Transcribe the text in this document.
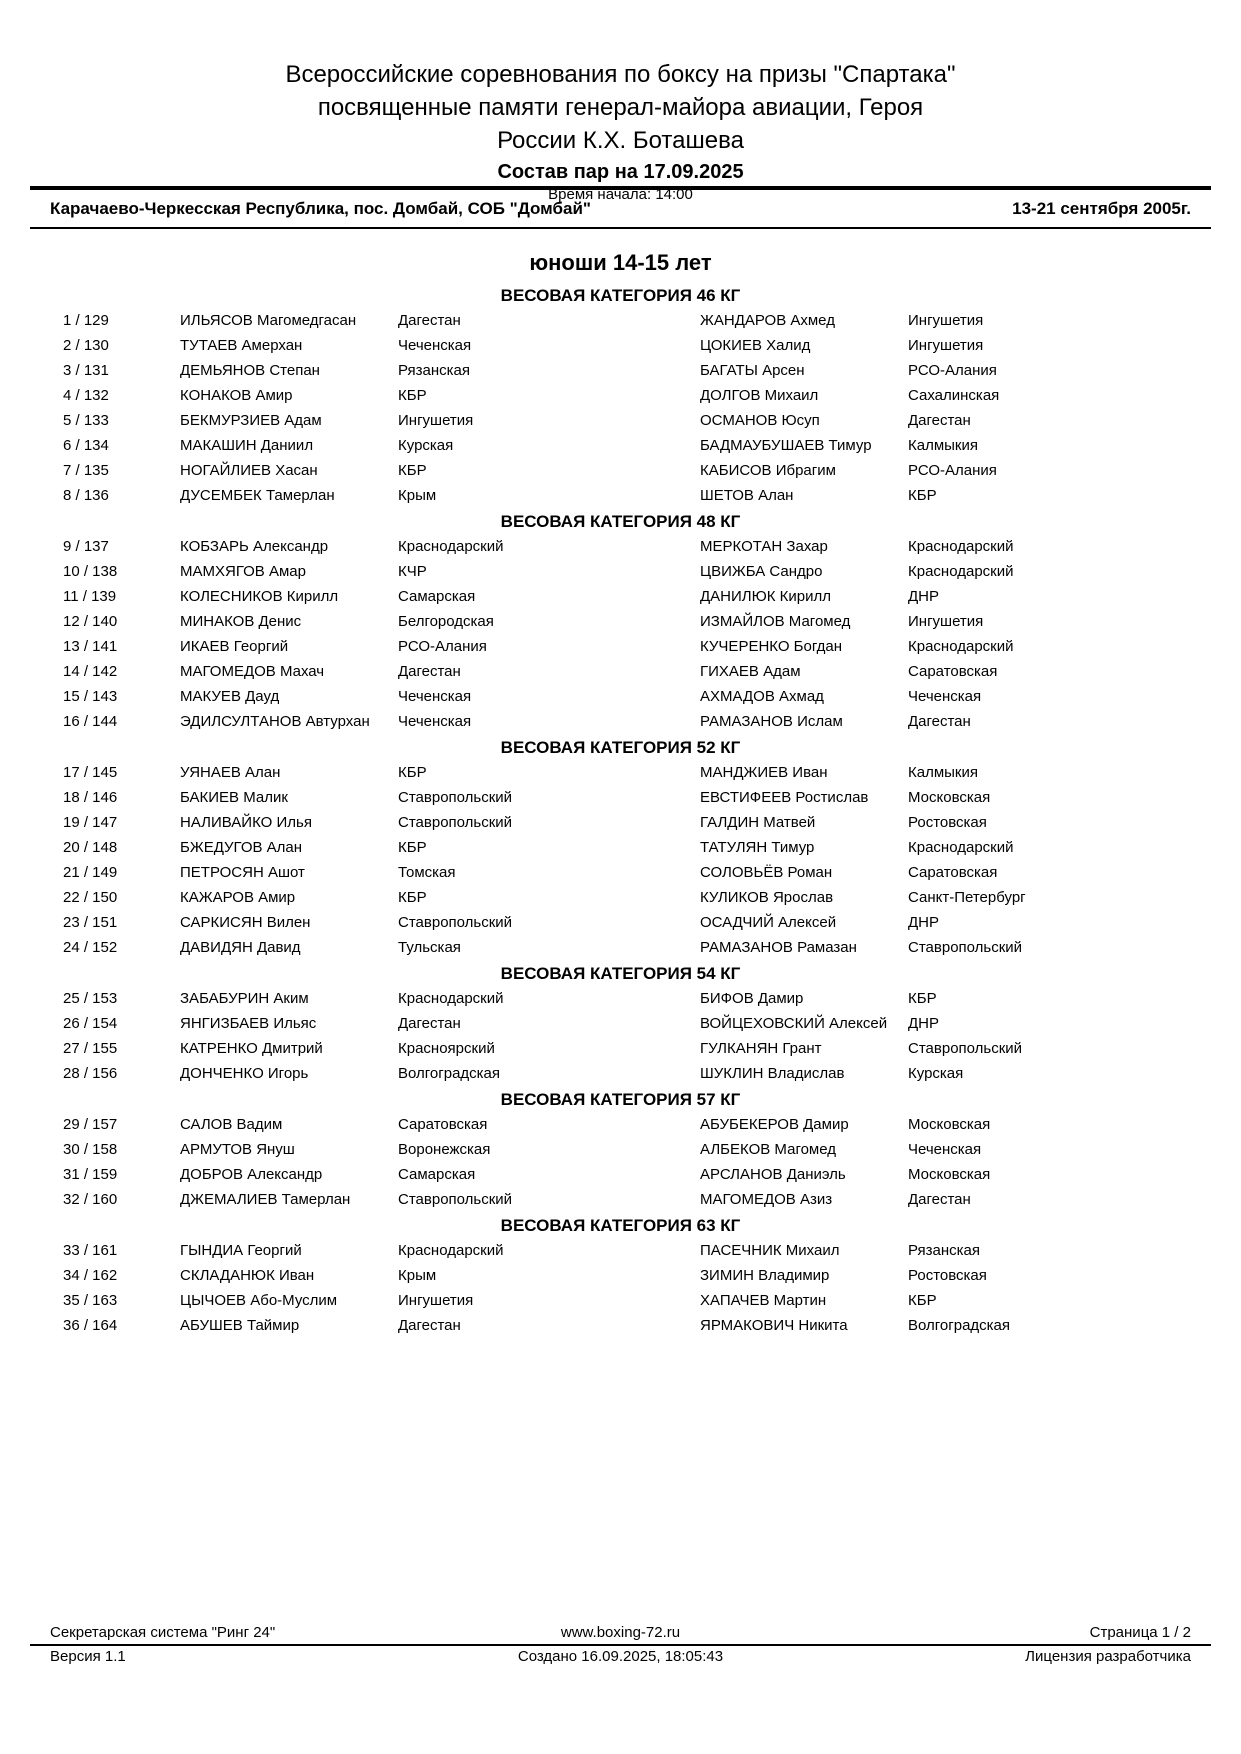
Всероссийские соревнования по боксу на призы "Спартака"
посвященные памяти генерал-майора авиации, Героя
России К.Х. Боташева
Состав пар на 17.09.2025
Время начала: 14:00
Карачаево-Черкесская Республика, пос. Домбай, СОБ "Домбай"	13-21 сентября 2005г.
юноши 14-15 лет
ВЕСОВАЯ КАТЕГОРИЯ 46 КГ
1 / 129	ИЛЬЯСОВ Магомедгасан	Дагестан	ЖАНДАРОВ Ахмед	Ингушетия
2 / 130	ТУТАЕВ Амерхан	Чеченская	ЦОКИЕВ Халид	Ингушетия
3 / 131	ДЕМЬЯНОВ Степан	Рязанская	БАГАТЫ Арсен	РСО-Алания
4 / 132	КОНАКОВ Амир	КБР	ДОЛГОВ Михаил	Сахалинская
5 / 133	БЕКМУРЗИЕВ Адам	Ингушетия	ОСМАНОВ Юсуп	Дагестан
6 / 134	МАКАШИН Даниил	Курская	БАДМАУБУШАЕВ Тимур	Калмыкия
7 / 135	НОГАЙЛИЕВ Хасан	КБР	КАБИСОВ Ибрагим	РСО-Алания
8 / 136	ДУСЕМБЕК Тамерлан	Крым	ШЕТОВ Алан	КБР
ВЕСОВАЯ КАТЕГОРИЯ 48 КГ
9 / 137	КОБЗАРЬ Александр	Краснодарский	МЕРКОТАН Захар	Краснодарский
10 / 138	МАМХЯГОВ Амар	КЧР	ЦВИЖБА Сандро	Краснодарский
11 / 139	КОЛЕСНИКОВ Кирилл	Самарская	ДАНИЛЮК Кирилл	ДНР
12 / 140	МИНАКОВ Денис	Белгородская	ИЗМАЙЛОВ Магомед	Ингушетия
13 / 141	ИКАЕВ Георгий	РСО-Алания	КУЧЕРЕНКО Богдан	Краснодарский
14 / 142	МАГОМЕДОВ Махач	Дагестан	ГИХАЕВ Адам	Саратовская
15 / 143	МАКУЕВ Дауд	Чеченская	АХМАДОВ Ахмад	Чеченская
16 / 144	ЭДИЛСУЛТАНОВ Автурхан	Чеченская	РАМАЗАНОВ Ислам	Дагестан
ВЕСОВАЯ КАТЕГОРИЯ 52 КГ
17 / 145	УЯНАЕВ Алан	КБР	МАНДЖИЕВ Иван	Калмыкия
18 / 146	БАКИЕВ Малик	Ставропольский	ЕВСТИФЕЕВ Ростислав	Московская
19 / 147	НАЛИВАЙКО Илья	Ставропольский	ГАЛДИН Матвей	Ростовская
20 / 148	БЖЕДУГОВ Алан	КБР	ТАТУЛЯН Тимур	Краснодарский
21 / 149	ПЕТРОСЯН Ашот	Томская	СОЛОВЬЁВ Роман	Саратовская
22 / 150	КАЖАРОВ Амир	КБР	КУЛИКОВ Ярослав	Санкт-Петербург
23 / 151	САРКИСЯН Вилен	Ставропольский	ОСАДЧИЙ Алексей	ДНР
24 / 152	ДАВИДЯН Давид	Тульская	РАМАЗАНОВ Рамазан	Ставропольский
ВЕСОВАЯ КАТЕГОРИЯ 54 КГ
25 / 153	ЗАБАБУРИН Аким	Краснодарский	БИФОВ Дамир	КБР
26 / 154	ЯНГИЗБАЕВ Ильяс	Дагестан	ВОЙЦЕХОВСКИЙ Алексей	ДНР
27 / 155	КАТРЕНКО Дмитрий	Красноярский	ГУЛКАНЯН Грант	Ставропольский
28 / 156	ДОНЧЕНКО Игорь	Волгоградская	ШУКЛИН Владислав	Курская
ВЕСОВАЯ КАТЕГОРИЯ 57 КГ
29 / 157	САЛОВ Вадим	Саратовская	АБУБЕКЕРОВ Дамир	Московская
30 / 158	АРМУТОВ Януш	Воронежская	АЛБЕКОВ Магомед	Чеченская
31 / 159	ДОБРОВ Александр	Самарская	АРСЛАНОВ Даниэль	Московская
32 / 160	ДЖЕМАЛИЕВ Тамерлан	Ставропольский	МАГОМЕДОВ Азиз	Дагестан
ВЕСОВАЯ КАТЕГОРИЯ 63 КГ
33 / 161	ГЫНДИА Георгий	Краснодарский	ПАСЕЧНИК Михаил	Рязанская
34 / 162	СКЛАДАНЮК Иван	Крым	ЗИМИН Владимир	Ростовская
35 / 163	ЦЫЧОЕВ Або-Муслим	Ингушетия	ХАПАЧЕВ Мартин	КБР
36 / 164	АБУШЕВ Таймир	Дагестан	ЯРМАКОВИЧ Никита	Волгоградская
Секретарская система "Ринг 24"	www.boxing-72.ru	Страница 1 / 2
Версия 1.1	Создано 16.09.2025, 18:05:43	Лицензия разработчика
